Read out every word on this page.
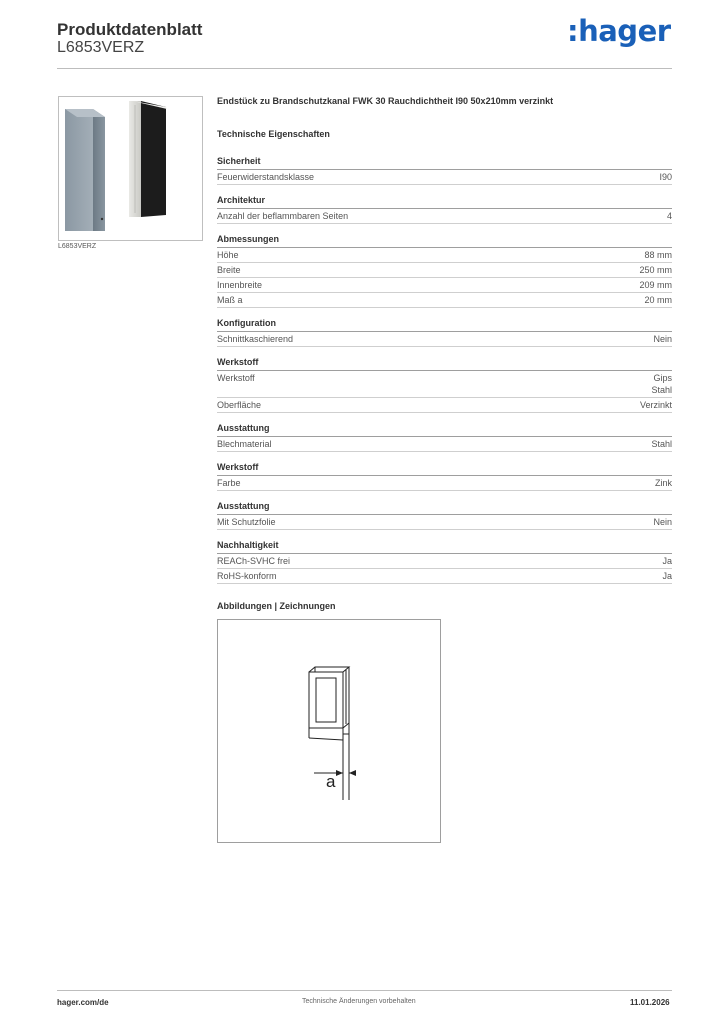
Produktdatenblatt
L6853VERZ	:hager
L6853VERZ
Endstück zu Brandschutzkanal FWK 30 Rauchdichtheit I90 50x210mm verzinkt
Technische Eigenschaften
Sicherheit
Feuerwiderstandsklasse	I90
Architektur
Anzahl der beflammbaren Seiten	4
Abmessungen
Höhe	88 mm
Breite	250 mm
Innenbreite	209 mm
Maß a	20 mm
Konfiguration
Schnittkaschierend	Nein
Werkstoff
Werkstoff	Gips
Stahl
Oberfläche	Verzinkt
Ausstattung
Blechmaterial	Stahl
Werkstoff
Farbe	Zink
Ausstattung
Mit Schutzfolie	Nein
Nachhaltigkeit
REACh-SVHC frei	Ja
RoHS-konform	Ja
Abbildungen | Zeichnungen
a
hager.com/de	Technische Änderungen vorbehalten	11.01.2026
